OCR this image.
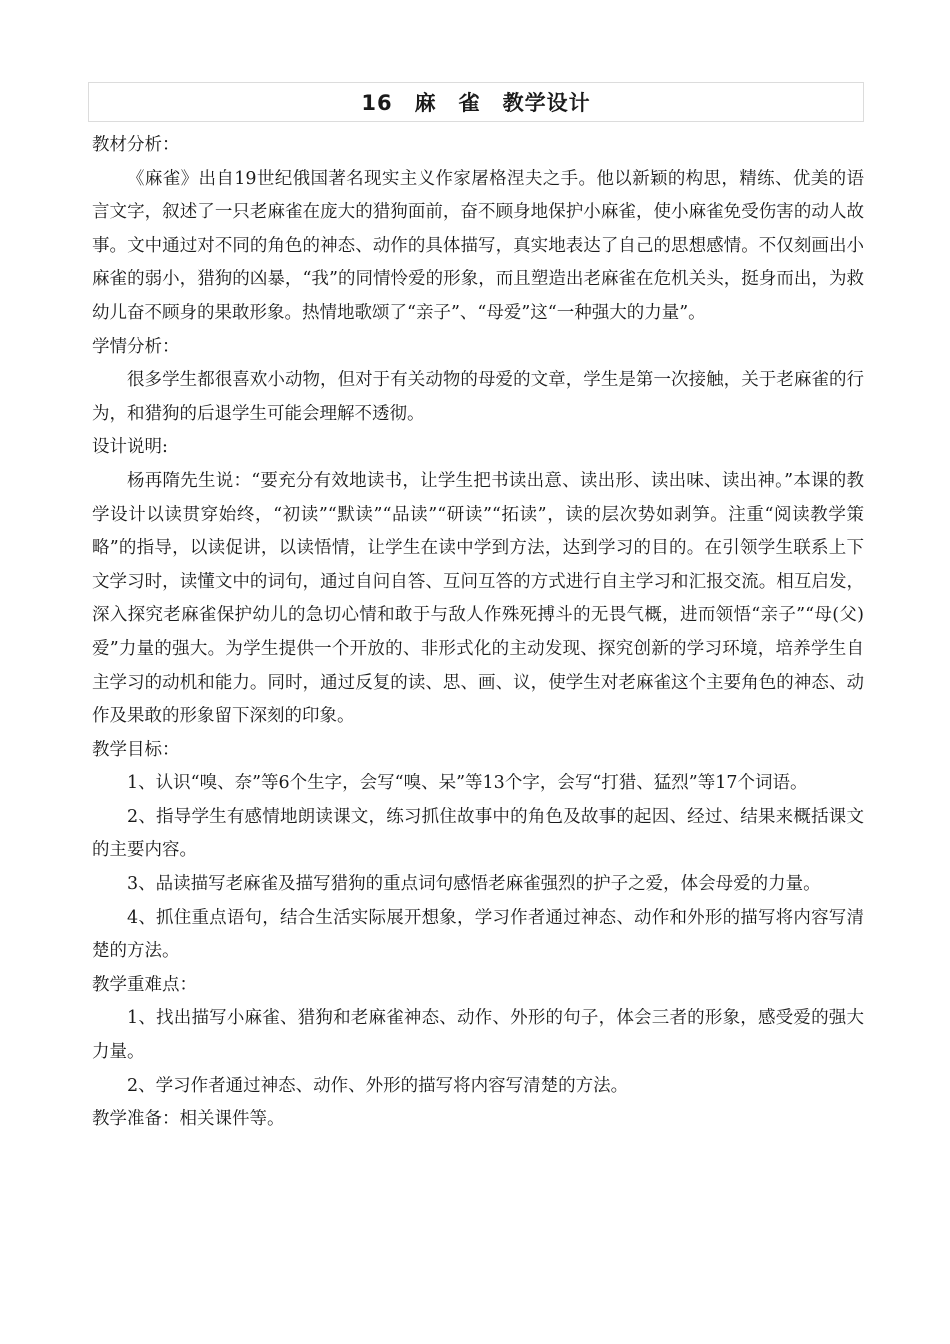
16　麻　雀　教学设计

教材分析：

《麻雀》出自19世纪俄国著名现实主义作家屠格涅夫之手。他以新颖的构思，精练、优美的语言文字，叙述了一只老麻雀在庞大的猎狗面前，奋不顾身地保护小麻雀，使小麻雀免受伤害的动人故事。文中通过对不同的角色的神态、动作的具体描写，真实地表达了自己的思想感情。不仅刻画出小麻雀的弱小，猎狗的凶暴，“我”的同情怜爱的形象，而且塑造出老麻雀在危机关头，挺身而出，为救幼儿奋不顾身的果敢形象。热情地歌颂了“亲子”、“母爱”这“一种强大的力量”。

学情分析：

很多学生都很喜欢小动物，但对于有关动物的母爱的文章，学生是第一次接触，关于老麻雀的行为，和猎狗的后退学生可能会理解不透彻。

设计说明:

杨再隋先生说：“要充分有效地读书，让学生把书读出意、读出形、读出味、读出神。”本课的教学设计以读贯穿始终，“初读”“默读”“品读”“研读”“拓读”，读的层次势如剥笋。注重“阅读教学策略”的指导，以读促讲，以读悟情，让学生在读中学到方法，达到学习的目的。在引领学生联系上下文学习时，读懂文中的词句，通过自问自答、互问互答的方式进行自主学习和汇报交流。相互启发，深入探究老麻雀保护幼儿的急切心情和敢于与敌人作殊死搏斗的无畏气概，进而领悟“亲子”“母(父)爱”力量的强大。为学生提供一个开放的、非形式化的主动发现、探究创新的学习环境，培养学生自主学习的动机和能力。同时，通过反复的读、思、画、议，使学生对老麻雀这个主要角色的神态、动作及果敢的形象留下深刻的印象。

教学目标：

1、认识“嗅、奈”等6个生字，会写“嗅、呆”等13个字，会写“打猎、猛烈”等17个词语。

2、指导学生有感情地朗读课文，练习抓住故事中的角色及故事的起因、经过、结果来概括课文的主要内容。

3、品读描写老麻雀及描写猎狗的重点词句感悟老麻雀强烈的护子之爱，体会母爱的力量。

4、抓住重点语句，结合生活实际展开想象，学习作者通过神态、动作和外形的描写将内容写清楚的方法。

教学重难点：

1、找出描写小麻雀、猎狗和老麻雀神态、动作、外形的句子，体会三者的形象，感受爱的强大力量。

2、学习作者通过神态、动作、外形的描写将内容写清楚的方法。

教学准备：相关课件等。
